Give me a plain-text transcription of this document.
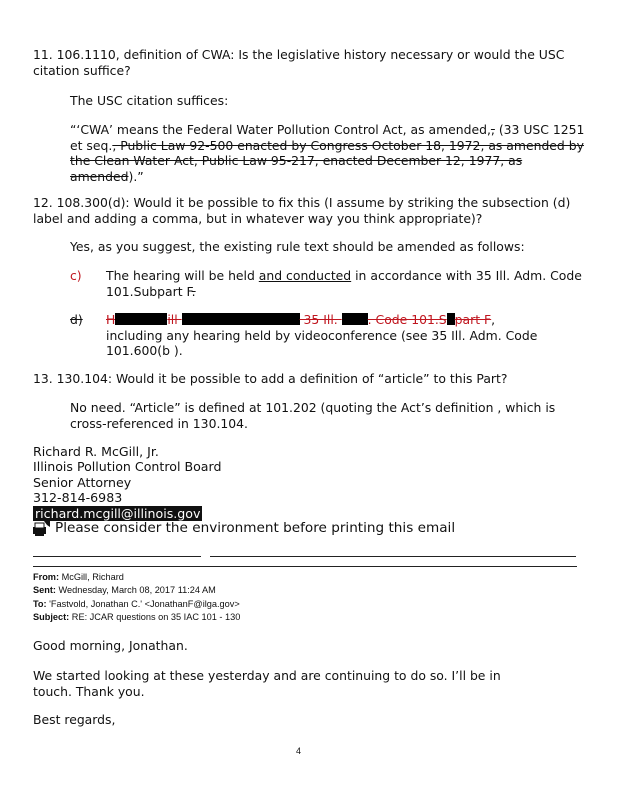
11. 106.1110, definition of CWA: Is the legislative history necessary or would the USC
citation suffice?
The USC citation suffices:
“‘CWA’ means the Federal Water Pollution Control Act, as amended,, (33 USC 1251
et seq., Public Law 92-500 enacted by Congress October 18, 1972, as amended by
the Clean Water Act, Public Law 95-217, enacted December 12, 1977, as
amended).”
12. 108.300(d): Would it be possible to fix this (I assume by striking the subsection (d)
label and adding a comma, but in whatever way you think appropriate)?
Yes, as you suggest, the existing rule text should be amended as follows:
c) The hearing will be held and conducted in accordance with 35 Ill. Adm. Code
101.Subpart F.
d) H	ill	35 Ill. . Code 101.S part F,
including any hearing held by videoconference (see 35 Ill. Adm. Code
101.600(b ).
13. 130.104: Would it be possible to add a definition of “article” to this Part?
No need. “Article” is defined at 101.202 (quoting the Act’s definition , which is
cross-referenced in 130.104.
Richard R. McGill, Jr.
Illinois Pollution Control Board
Senior Attorney
312-814-6983
richard.mcgill@illinois.gov
Please consider the environment before printing this email
From: McGill, Richard
Sent: Wednesday, March 08, 2017 11:24 AM
To: 'Fastvold, Jonathan C.' <JonathanF@ilga.gov>
Subject: RE: JCAR questions on 35 IAC 101 - 130
Good morning, Jonathan.
We started looking at these yesterday and are continuing to do so. I’ll be in
touch. Thank you.
Best regards,
4
